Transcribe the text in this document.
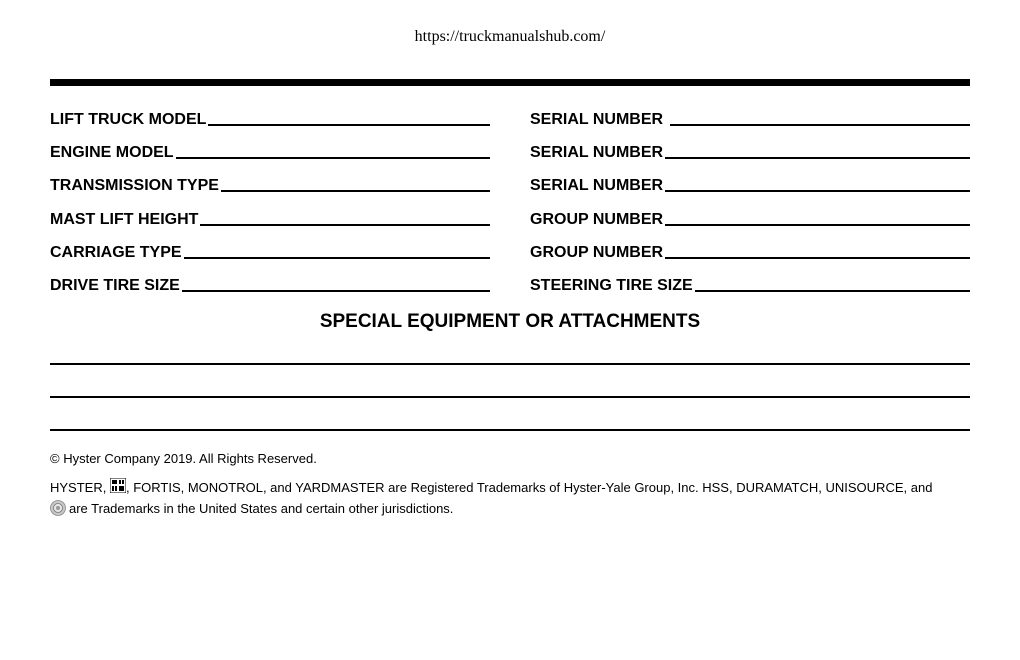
https://truckmanualshub.com/
LIFT TRUCK MODEL	SERIAL NUMBER
ENGINE MODEL	SERIAL NUMBER
TRANSMISSION TYPE	SERIAL NUMBER
MAST LIFT HEIGHT	GROUP NUMBER
CARRIAGE TYPE	GROUP NUMBER
DRIVE TIRE SIZE	STEERING TIRE SIZE
SPECIAL EQUIPMENT OR ATTACHMENTS
© Hyster Company 2019. All Rights Reserved.
HYSTER, , FORTIS, MONOTROL, and YARDMASTER are Registered Trademarks of Hyster-Yale Group, Inc. HSS, DURAMATCH, UNISOURCE, and
are Trademarks in the United States and certain other jurisdictions.
